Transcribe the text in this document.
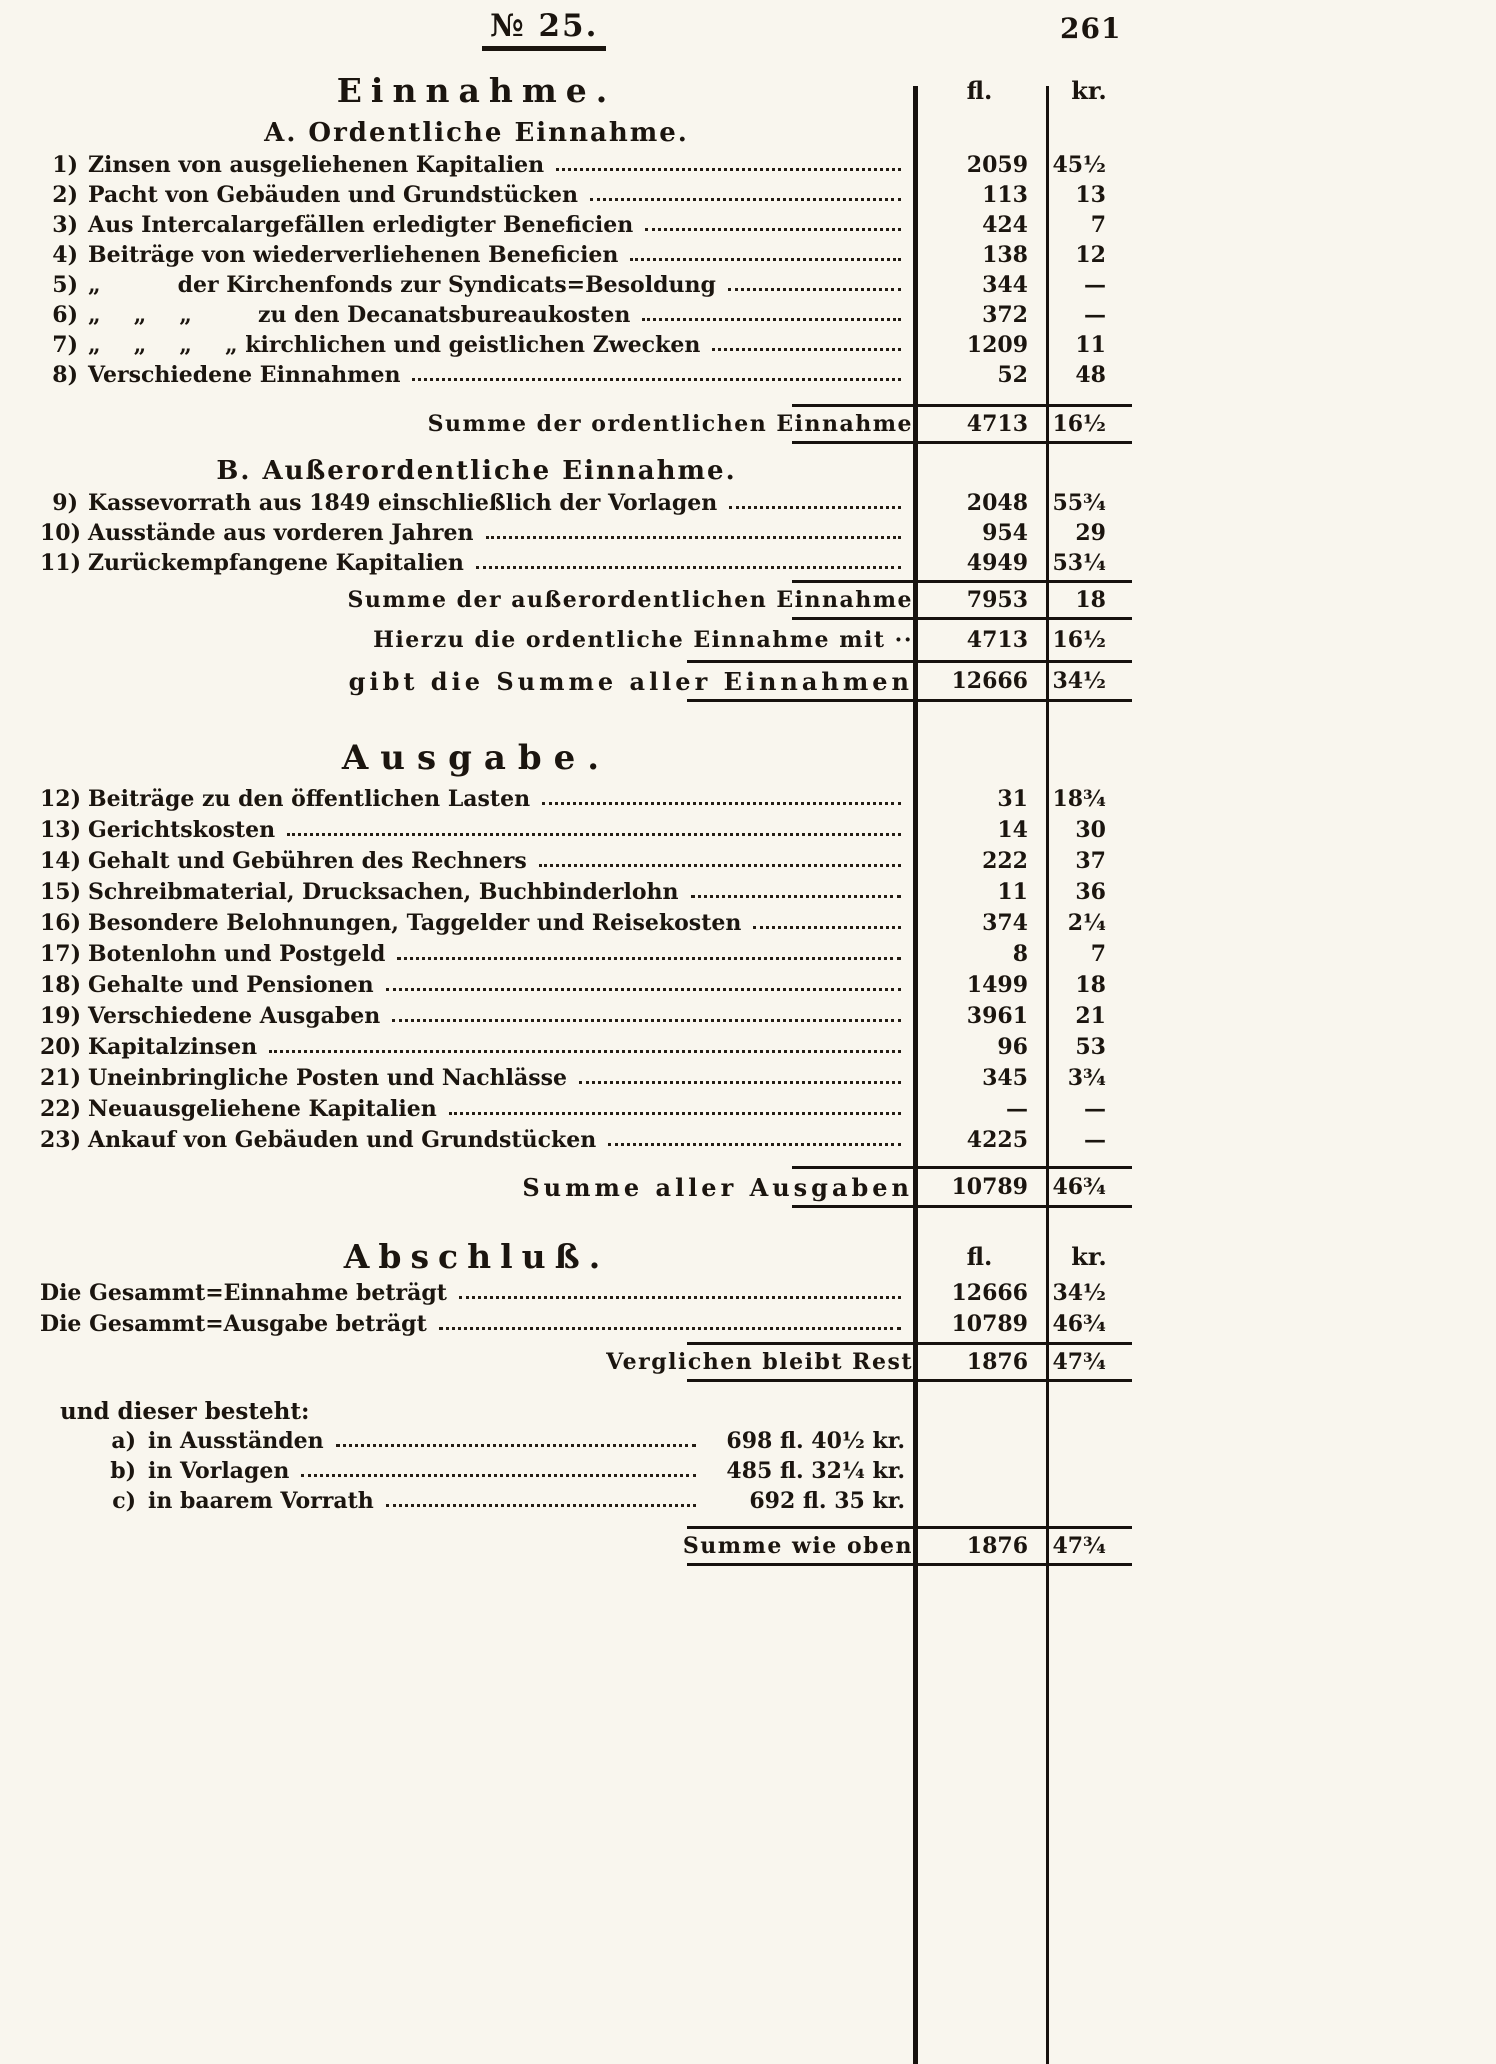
№ 25.	261
Einnahme.	fl.	kr.
A. Ordentliche Einnahme.
1) Zinsen von ausgeliehenen Kapitalien	2059	45½
2) Pacht von Gebäuden und Grundstücken	113	13
3) Aus Intercalargefällen erledigter Beneficien	424	7
4) Beiträge von wiederverliehenen Beneficien	138	12
5) „    der Kirchenfonds zur Syndicats=Besoldung	344	—
6) „  „  „   zu den Decanatsbureaukosten	372	—
7) „  „  „  „ kirchlichen und geistlichen Zwecken	1209	11
8) Verschiedene Einnahmen	52	48
Summe der ordentlichen Einnahme	4713	16½
B. Außerordentliche Einnahme.
9) Kassevorrath aus 1849 einschließlich der Vorlagen	2048	55¾
10) Ausstände aus vorderen Jahren	954	29
11) Zurückempfangene Kapitalien	4949	53¼
Summe der außerordentlichen Einnahme	7953	18
Hierzu die ordentliche Einnahme mit ··	4713	16½
gibt die Summe aller Einnahmen	12666	34½
Ausgabe.
12) Beiträge zu den öffentlichen Lasten	31	18¾
13) Gerichtskosten	14	30
14) Gehalt und Gebühren des Rechners	222	37
15) Schreibmaterial, Drucksachen, Buchbinderlohn	11	36
16) Besondere Belohnungen, Taggelder und Reisekosten	374	2¼
17) Botenlohn und Postgeld	8	7
18) Gehalte und Pensionen	1499	18
19) Verschiedene Ausgaben	3961	21
20) Kapitalzinsen	96	53
21) Uneinbringliche Posten und Nachlässe	345	3¾
22) Neuausgeliehene Kapitalien	—	—
23) Ankauf von Gebäuden und Grundstücken	4225	—
Summe aller Ausgaben	10789	46¾
Abschluß.	fl.	kr.
Die Gesammt=Einnahme beträgt	12666	34½
Die Gesammt=Ausgabe beträgt	10789	46¾
Verglichen bleibt Rest	1876	47¾
und dieser besteht:
a) in Ausständen	698 fl. 40½ kr.
b) in Vorlagen	485 fl. 32¼ kr.
c) in baarem Vorrath	692 fl. 35 kr.
Summe wie oben	1876	47¾
